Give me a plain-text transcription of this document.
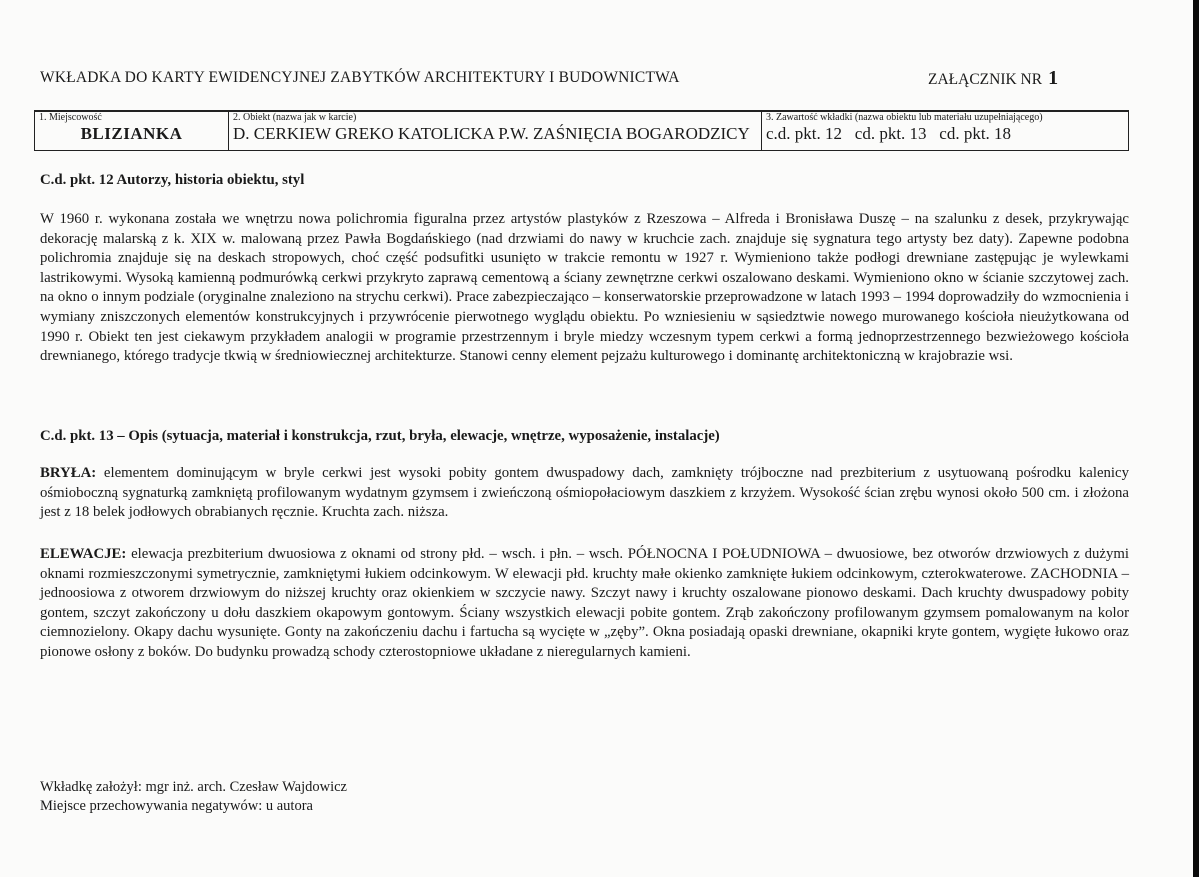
WKŁADKA DO KARTY EWIDENCYJNEJ ZABYTKÓW ARCHITEKTURY I BUDOWNICTWA	ZAŁĄCZNIK NR 1
1. Miejscowość
BLIZIANKA

2. Obiekt (nazwa jak w karcie)
D. CERKIEW GREKO KATOLICKA P.W. ZAŚNIĘCIA BOGARODZICY

3. Zawartość wkładki (nazwa obiektu lub materiału uzupełniającego)
c.d. pkt. 12   cd. pkt. 13   cd. pkt. 18
C.d. pkt. 12 Autorzy, historia obiektu, styl

W 1960 r. wykonana została we wnętrzu nowa polichromia figuralna przez artystów plastyków z Rzeszowa – Alfreda i Bronisława Duszę – na szalunku z desek, przykrywając dekorację malarską z k. XIX w. malowaną przez Pawła Bogdańskiego (nad drzwiami do nawy w kruchcie zach. znajduje się sygnatura tego artysty bez daty). Zapewne podobna polichromia znajduje się na deskach stropowych, choć część podsufitki usunięto w trakcie remontu w 1927 r. Wymieniono także podłogi drewniane zastępując je wylewkami lastrikowymi. Wysoką kamienną podmurówką cerkwi przykryto zaprawą cementową a ściany zewnętrzne cerkwi oszalowano deskami. Wymieniono okno w ścianie szczytowej zach. na okno o innym podziale (oryginalne znaleziono na strychu cerkwi). Prace zabezpieczająco – konserwatorskie przeprowadzone w latach 1993 – 1994 doprowadziły do wzmocnienia i wymiany zniszczonych elementów konstrukcyjnych i przywrócenie pierwotnego wyglądu obiektu. Po wzniesieniu w sąsiedztwie nowego murowanego kościoła nieużytkowana od 1990 r. Obiekt ten jest ciekawym przykładem analogii w programie przestrzennym i bryle miedzy wczesnym typem cerkwi a formą jednoprzestrzennego bezwieżowego kościoła drewnianego, którego tradycje tkwią w średniowiecznej architekturze. Stanowi cenny element pejzażu kulturowego i dominantę architektoniczną w krajobrazie wsi.

C.d. pkt. 13 – Opis (sytuacja, materiał i konstrukcja, rzut, bryła, elewacje, wnętrze, wyposażenie, instalacje)

BRYŁA: elementem dominującym w bryle cerkwi jest wysoki pobity gontem dwuspadowy dach, zamknięty trójboczne nad prezbiterium z usytuowaną pośrodku kalenicy ośmioboczną sygnaturką zamkniętą profilowanym wydatnym gzymsem i zwieńczoną ośmiopołaciowym daszkiem z krzyżem. Wysokość ścian zrębu wynosi około 500 cm. i złożona jest z 18 belek jodłowych obrabianych ręcznie. Kruchta zach. niższa.

ELEWACJE: elewacja prezbiterium dwuosiowa z oknami od strony płd. – wsch. i płn. – wsch. PÓŁNOCNA I POŁUDNIOWA – dwuosiowe, bez otworów drzwiowych z dużymi oknami rozmieszczonymi symetrycznie, zamkniętymi łukiem odcinkowym. W elewacji płd. kruchty małe okienko zamknięte łukiem odcinkowym, czterokwaterowe. ZACHODNIA – jednoosiowa z otworem drzwiowym do niższej kruchty oraz okienkiem w szczycie nawy. Szczyt nawy i kruchty oszalowane pionowo deskami. Dach kruchty dwuspadowy pobity gontem, szczyt zakończony u dołu daszkiem okapowym gontowym. Ściany wszystkich elewacji pobite gontem. Zrąb zakończony profilowanym gzymsem pomalowanym na kolor ciemnozielony. Okapy dachu wysunięte. Gonty na zakończeniu dachu i fartucha są wycięte w „zęby”. Okna posiadają opaski drewniane, okapniki kryte gontem, wygięte łukowo oraz pionowe osłony z boków. Do budynku prowadzą schody czterostopniowe układane z nieregularnych kamieni.

Wkładkę założył: mgr inż. arch. Czesław Wajdowicz
Miejsce przechowywania negatywów: u autora
